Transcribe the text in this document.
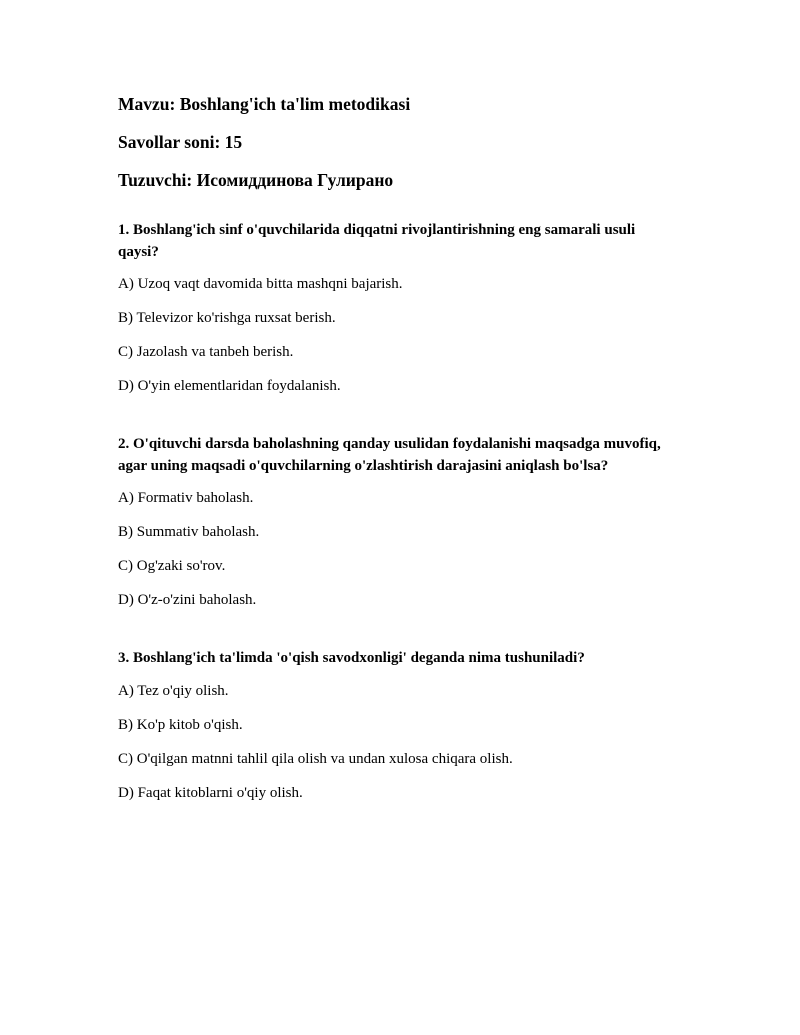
Mavzu: Boshlang'ich ta'lim metodikasi
Savollar soni: 15
Tuzuvchi: Исомиддинова Гулирано
1. Boshlang'ich sinf o'quvchilarida diqqatni rivojlantirishning eng samarali usuli qaysi?
A) Uzoq vaqt davomida bitta mashqni bajarish.
B) Televizor ko'rishga ruxsat berish.
C) Jazolash va tanbeh berish.
D) O'yin elementlaridan foydalanish.
2. O'qituvchi darsda baholashning qanday usulidan foydalanishi maqsadga muvofiq, agar uning maqsadi o'quvchilarning o'zlashtirish darajasini aniqlash bo'lsa?
A) Formativ baholash.
B) Summativ baholash.
C) Og'zaki so'rov.
D) O'z-o'zini baholash.
3. Boshlang'ich ta'limda 'o'qish savodxonligi' deganda nima tushuniladi?
A) Tez o'qiy olish.
B) Ko'p kitob o'qish.
C) O'qilgan matnni tahlil qila olish va undan xulosa chiqara olish.
D) Faqat kitoblarni o'qiy olish.
